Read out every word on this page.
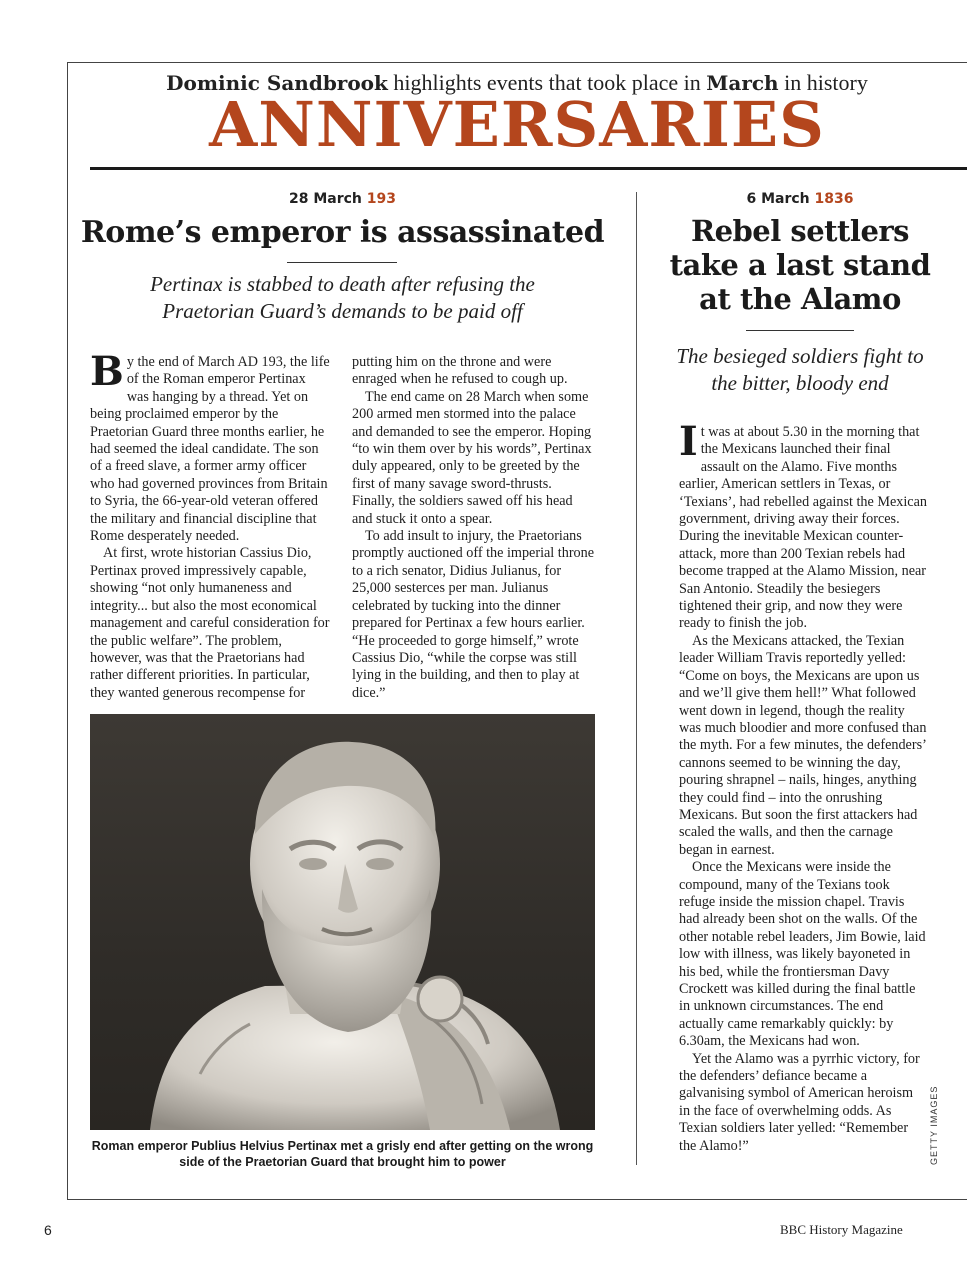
Dominic Sandbrook highlights events that took place in March in history
ANNIVERSARIES
28 March 193
Rome’s emperor is assassinated
Pertinax is stabbed to death after refusing the Praetorian Guard’s demands to be paid off

By the end of March AD 193, the life of the Roman emperor Pertinax was hanging by a thread. Yet on being proclaimed emperor by the Praetorian Guard three months earlier, he had seemed the ideal candidate. The son of a freed slave, a former army officer who had governed provinces from Britain to Syria, the 66-year-old veteran offered the military and financial discipline that Rome desperately needed.

At first, wrote historian Cassius Dio, Pertinax proved impressively capable, showing “not only humaneness and integrity... but also the most economical management and careful consideration for the public welfare”. The problem, however, was that the Praetorians had rather different priorities. In particular, they wanted generous recompense for

putting him on the throne and were enraged when he refused to cough up.

The end came on 28 March when some 200 armed men stormed into the palace and demanded to see the emperor. Hoping “to win them over by his words”, Pertinax duly appeared, only to be greeted by the first of many savage sword-thrusts. Finally, the soldiers sawed off his head and stuck it onto a spear.

To add insult to injury, the Praetorians promptly auctioned off the imperial throne to a rich senator, Didius Julianus, for 25,000 sesterces per man. Julianus celebrated by tucking into the dinner prepared for Pertinax a few hours earlier. “He proceeded to gorge himself,” wrote Cassius Dio, “while the corpse was still lying in the building, and then to play at dice.”

Roman emperor Publius Helvius Pertinax met a grisly end after getting on the wrong side of the Praetorian Guard that brought him to power
6 March 1836
Rebel settlers
take a last stand
at the Alamo
The besieged soldiers fight to the bitter, bloody end

It was at about 5.30 in the morning that the Mexicans launched their final assault on the Alamo. Five months earlier, American settlers in Texas, or ‘Texians’, had rebelled against the Mexican government, driving away their forces. During the inevitable Mexican counter-attack, more than 200 Texian rebels had become trapped at the Alamo Mission, near San Antonio. Steadily the besiegers tightened their grip, and now they were ready to finish the job.

As the Mexicans attacked, the Texian leader William Travis reportedly yelled: “Come on boys, the Mexicans are upon us and we’ll give them hell!” What followed went down in legend, though the reality was much bloodier and more confused than the myth. For a few minutes, the defenders’ cannons seemed to be winning the day, pouring shrapnel – nails, hinges, anything they could find – into the onrushing Mexicans. But soon the first attackers had scaled the walls, and then the carnage began in earnest.

Once the Mexicans were inside the compound, many of the Texians took refuge inside the mission chapel. Travis had already been shot on the walls. Of the other notable rebel leaders, Jim Bowie, laid low with illness, was likely bayoneted in his bed, while the frontiersman Davy Crockett was killed during the final battle in unknown circumstances. The end actually came remarkably quickly: by 6.30am, the Mexicans had won.

Yet the Alamo was a pyrrhic victory, for the defenders’ defiance became a galvanising symbol of American heroism in the face of overwhelming odds. As Texian soldiers later yelled: “Remember the Alamo!”	GETTY IMAGES
6	BBC History Magazine
